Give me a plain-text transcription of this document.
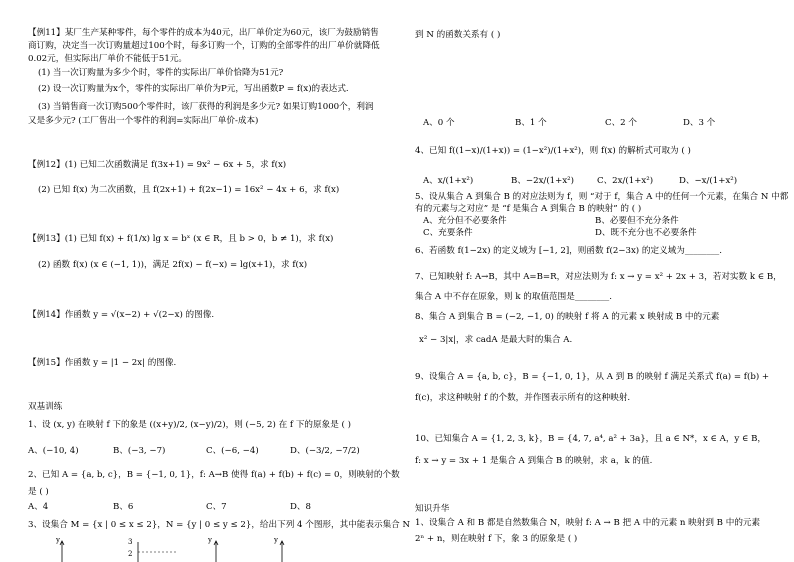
【例11】某厂生产某种零件，每个零件的成本为40元，出厂单价定为60元，该厂为鼓励销售
商订购，决定当一次订购量超过100个时，每多订购一个，订购的全部零件的出厂单价就降低
0.02元，但实际出厂单价不能低于51元。
(1) 当一次订购量为多少个时，零件的实际出厂单价恰降为51元?
(2) 设一次订购量为x个，零件的实际出厂单价为P元，写出函数P = f(x)的表达式.
(3) 当销售商一次订购500个零件时，该厂获得的利润是多少元? 如果订购1000个，利润
又是多少元? (工厂售出一个零件的利润=实际出厂单价-成本)
【例12】(1) 已知二次函数满足 f(3x+1) = 9x² − 6x + 5，求 f(x)
(2) 已知 f(x) 为二次函数，且 f(2x+1) + f(2x−1) = 16x² − 4x + 6，求 f(x)
【例13】(1) 已知 f(x) + f(1/x) lg x = bˣ (x ∈ R，且 b > 0，b ≠ 1)，求 f(x)
(2) 函数 f(x) (x ∈ (−1, 1))，满足 2f(x) − f(−x) = lg(x+1)，求 f(x)
【例14】作函数 y = √(x−2) + √(2−x) 的图像.
【例15】作函数 y = |1 − 2x| 的图像.
双基训练
1、设 (x, y) 在映射 f 下的象是 ((x+y)/2, (x−y)/2)，则 (−5, 2) 在 f 下的原象是 ( )
A、(−10, 4)	B、(−3, −7)	C、(−6, −4)	D、(−3/2, −7/2)
2、已知 A = {a, b, c}，B = {−1, 0, 1}，f: A→B 使得 f(a) + f(b) + f(c) = 0，则映射的个数
是 ( )
A、4	B、6	C、7	D、8
3、设集合 M = {x | 0 ≤ x ≤ 2}，N = {y | 0 ≤ y ≤ 2}，给出下列 4 个图形，其中能表示集合 N
y	3
2
y	y
到 N 的函数关系有 ( )
A、0 个	B、1 个	C、2 个	D、3 个
4、已知 f((1−x)/(1+x)) = (1−x²)/(1+x²)，则 f(x) 的解析式可取为 ( )
A、x/(1+x²)	B、−2x/(1+x²)	C、2x/(1+x²)	D、−x/(1+x²)
5、设从集合 A 到集合 B 的对应法则为 f，则 “对于 f，集合 A 中的任何一个元素，在集合 N 中都
有的元素与之对应” 是 “f 是集合 A 到集合 B 的映射” 的 ( )
A、充分但不必要条件	B、必要但不充分条件
C、充要条件	D、既不充分也不必要条件
6、若函数 f(1−2x) 的定义域为 [−1, 2]，则函数 f(2−3x) 的定义域为________.
7、已知映射 f: A→B，其中 A=B=R，对应法则为 f: x → y = x² + 2x + 3，若对实数 k ∈ B，
集合 A 中不存在原象，则 k 的取值范围是________.
8、集合 A 到集合 B = (−2, −1, 0) 的映射 f 将 A 的元素 x 映射成 B 中的元素
x² − 3|x|，求 cadA 是最大时的集合 A.
9、设集合 A = {a, b, c}，B = {−1, 0, 1}，从 A 到 B 的映射 f 满足关系式 f(a) = f(b) +
f(c)，求这种映射 f 的个数，并作图表示所有的这种映射.
10、已知集合 A = {1, 2, 3, k}，B = {4, 7, a⁴, a² + 3a}，且 a ∈ N*，x ∈ A，y ∈ B，
f: x → y = 3x + 1 是集合 A 到集合 B 的映射，求 a，k 的值.
知识升华
1、设集合 A 和 B 都是自然数集合 N，映射 f: A → B 把 A 中的元素 n 映射到 B 中的元素
2ⁿ + n，则在映射 f 下，象 3 的原象是 ( )
